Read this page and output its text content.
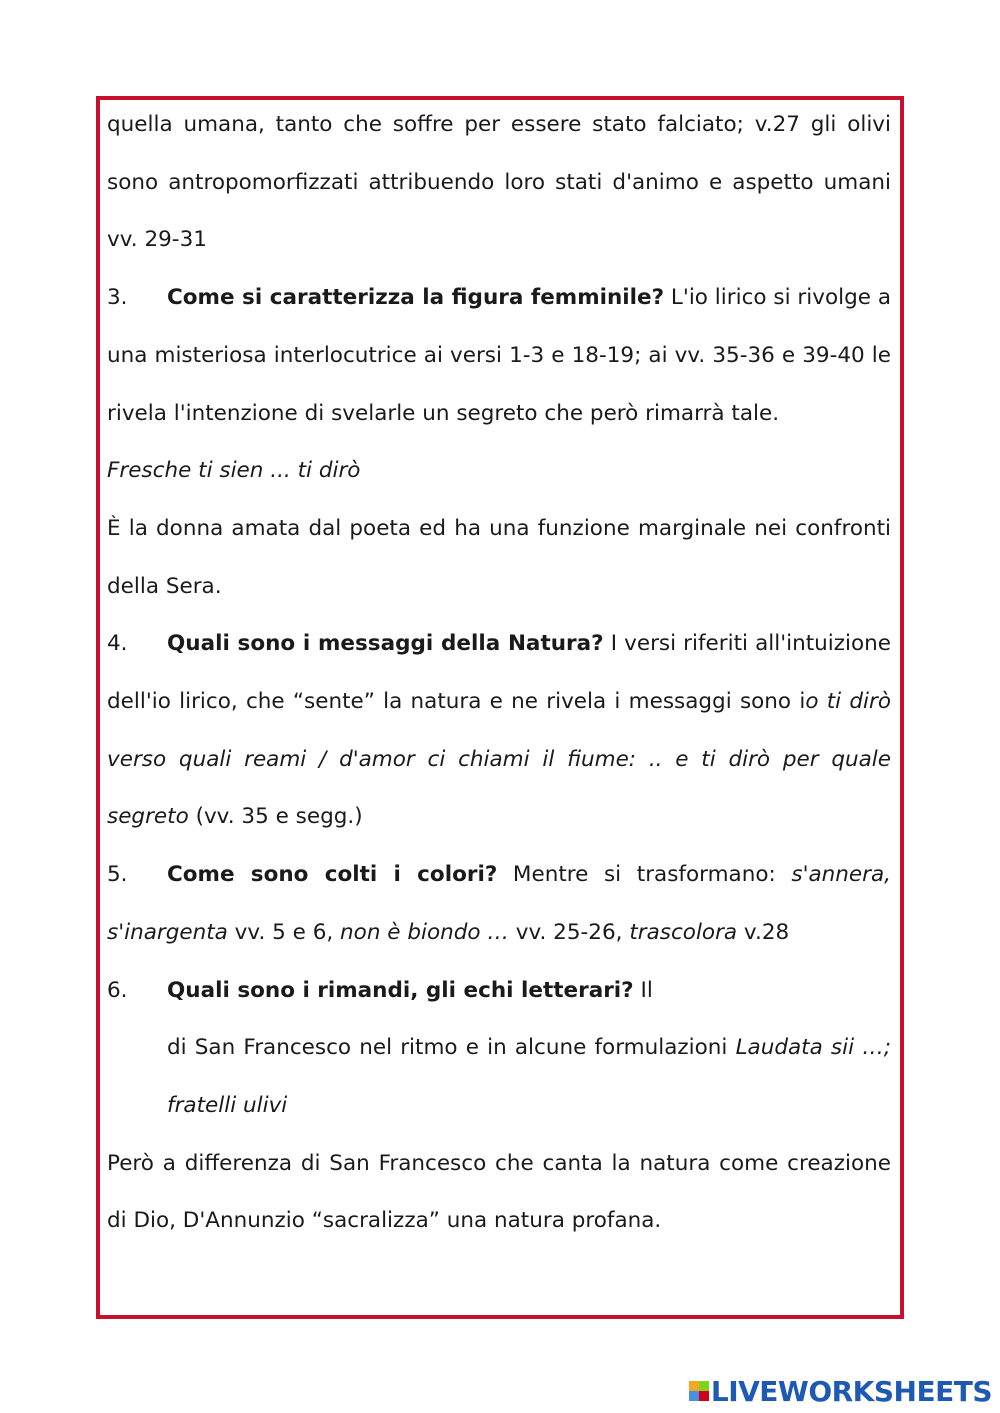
quella umana, tanto che soffre per essere stato falciato; v.27 gli olivi sono antropomorfizzati attribuendo loro stati d'animo e aspetto umani vv. 29-31

3. Come si caratterizza la figura femminile? L'io lirico si rivolge a una misteriosa interlocutrice ai versi 1-3 e 18-19; ai vv. 35-36 e 39-40 le rivela l'intenzione di svelarle un segreto che però rimarrà tale.

Fresche ti sien ... ti dirò

È la donna amata dal poeta ed ha una funzione marginale nei confronti della Sera.

4. Quali sono i messaggi della Natura? I versi riferiti all'intuizione dell'io lirico, che “sente” la natura e ne rivela i messaggi sono io ti dirò verso quali reami / d'amor ci chiami il fiume: .. e ti dirò per quale segreto (vv. 35 e segg.)

5. Come sono colti i colori? Mentre si trasformano: s'annera, s'inargenta vv. 5 e 6, non è biondo … vv. 25-26, trascolora v.28

6. Quali sono i rimandi, gli echi letterari? Il

di San Francesco nel ritmo e in alcune formulazioni Laudata sii …; fratelli ulivi

Però a differenza di San Francesco che canta la natura come creazione di Dio, D'Annunzio “sacralizza” una natura profana.

LIVEWORKSHEETS
